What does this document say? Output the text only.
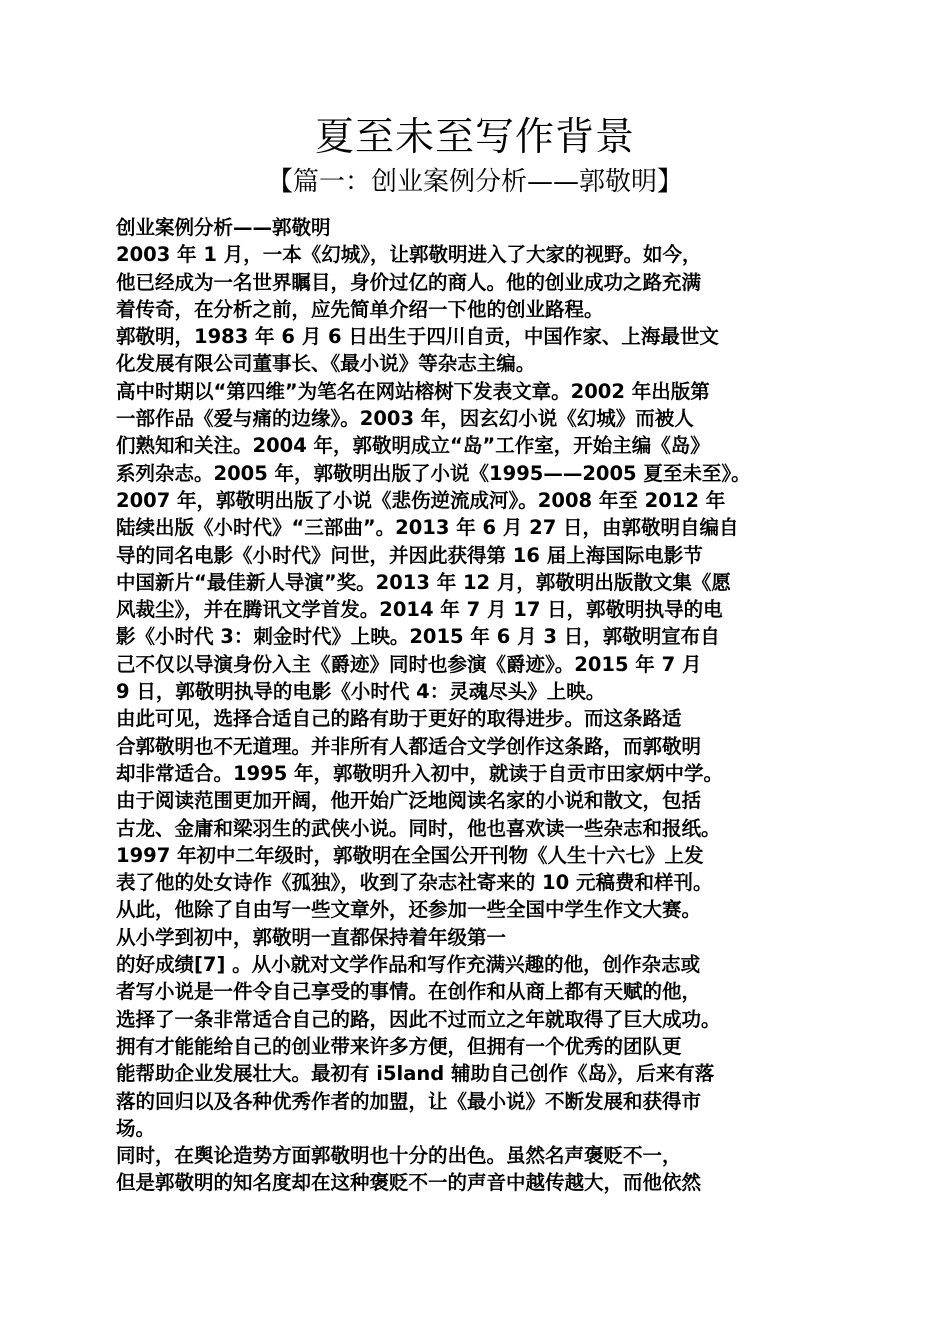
夏至未至写作背景
【篇一：创业案例分析——郭敬明】
创业案例分析——郭敬明
2003 年 1 月，一本《幻城》，让郭敬明进入了大家的视野。如今，
他已经成为一名世界瞩目，身价过亿的商人。他的创业成功之路充满
着传奇，在分析之前，应先简单介绍一下他的创业路程。
郭敬明，1983 年 6 月 6 日出生于四川自贡，中国作家、上海最世文
化发展有限公司董事长、《最小说》等杂志主编。
高中时期以“第四维”为笔名在网站榕树下发表文章。2002 年出版第
一部作品《爱与痛的边缘》。2003 年，因玄幻小说《幻城》而被人
们熟知和关注。2004 年，郭敬明成立“岛”工作室，开始主编《岛》
系列杂志。2005 年，郭敬明出版了小说《1995——2005 夏至未至》。
2007 年，郭敬明出版了小说《悲伤逆流成河》。2008 年至 2012 年
陆续出版《小时代》“三部曲”。2013 年 6 月 27 日，由郭敬明自编自
导的同名电影《小时代》问世，并因此获得第 16 届上海国际电影节
中国新片“最佳新人导演”奖。2013 年 12 月，郭敬明出版散文集《愿
风裁尘》，并在腾讯文学首发。2014 年 7 月 17 日，郭敬明执导的电
影《小时代 3：刺金时代》上映。2015 年 6 月 3 日，郭敬明宣布自
己不仅以导演身份入主《爵迹》同时也参演《爵迹》。2015 年 7 月
9 日，郭敬明执导的电影《小时代 4：灵魂尽头》上映。
由此可见，选择合适自己的路有助于更好的取得进步。而这条路适
合郭敬明也不无道理。并非所有人都适合文学创作这条路，而郭敬明
却非常适合。1995 年，郭敬明升入初中，就读于自贡市田家炳中学。
由于阅读范围更加开阔，他开始广泛地阅读名家的小说和散文，包括
古龙、金庸和梁羽生的武侠小说。同时，他也喜欢读一些杂志和报纸。
1997 年初中二年级时，郭敬明在全国公开刊物《人生十六七》上发
表了他的处女诗作《孤独》，收到了杂志社寄来的 10 元稿费和样刊。
从此，他除了自由写一些文章外，还参加一些全国中学生作文大赛。
从小学到初中，郭敬明一直都保持着年级第一
的好成绩[7] 。从小就对文学作品和写作充满兴趣的他，创作杂志或
者写小说是一件令自己享受的事情。在创作和从商上都有天赋的他，
选择了一条非常适合自己的路，因此不过而立之年就取得了巨大成功。
拥有才能能给自己的创业带来许多方便，但拥有一个优秀的团队更
能帮助企业发展壮大。最初有 i5land 辅助自己创作《岛》，后来有落
落的回归以及各种优秀作者的加盟，让《最小说》不断发展和获得市
场。
同时，在舆论造势方面郭敬明也十分的出色。虽然名声褒贬不一，
但是郭敬明的知名度却在这种褒贬不一的声音中越传越大，而他依然
